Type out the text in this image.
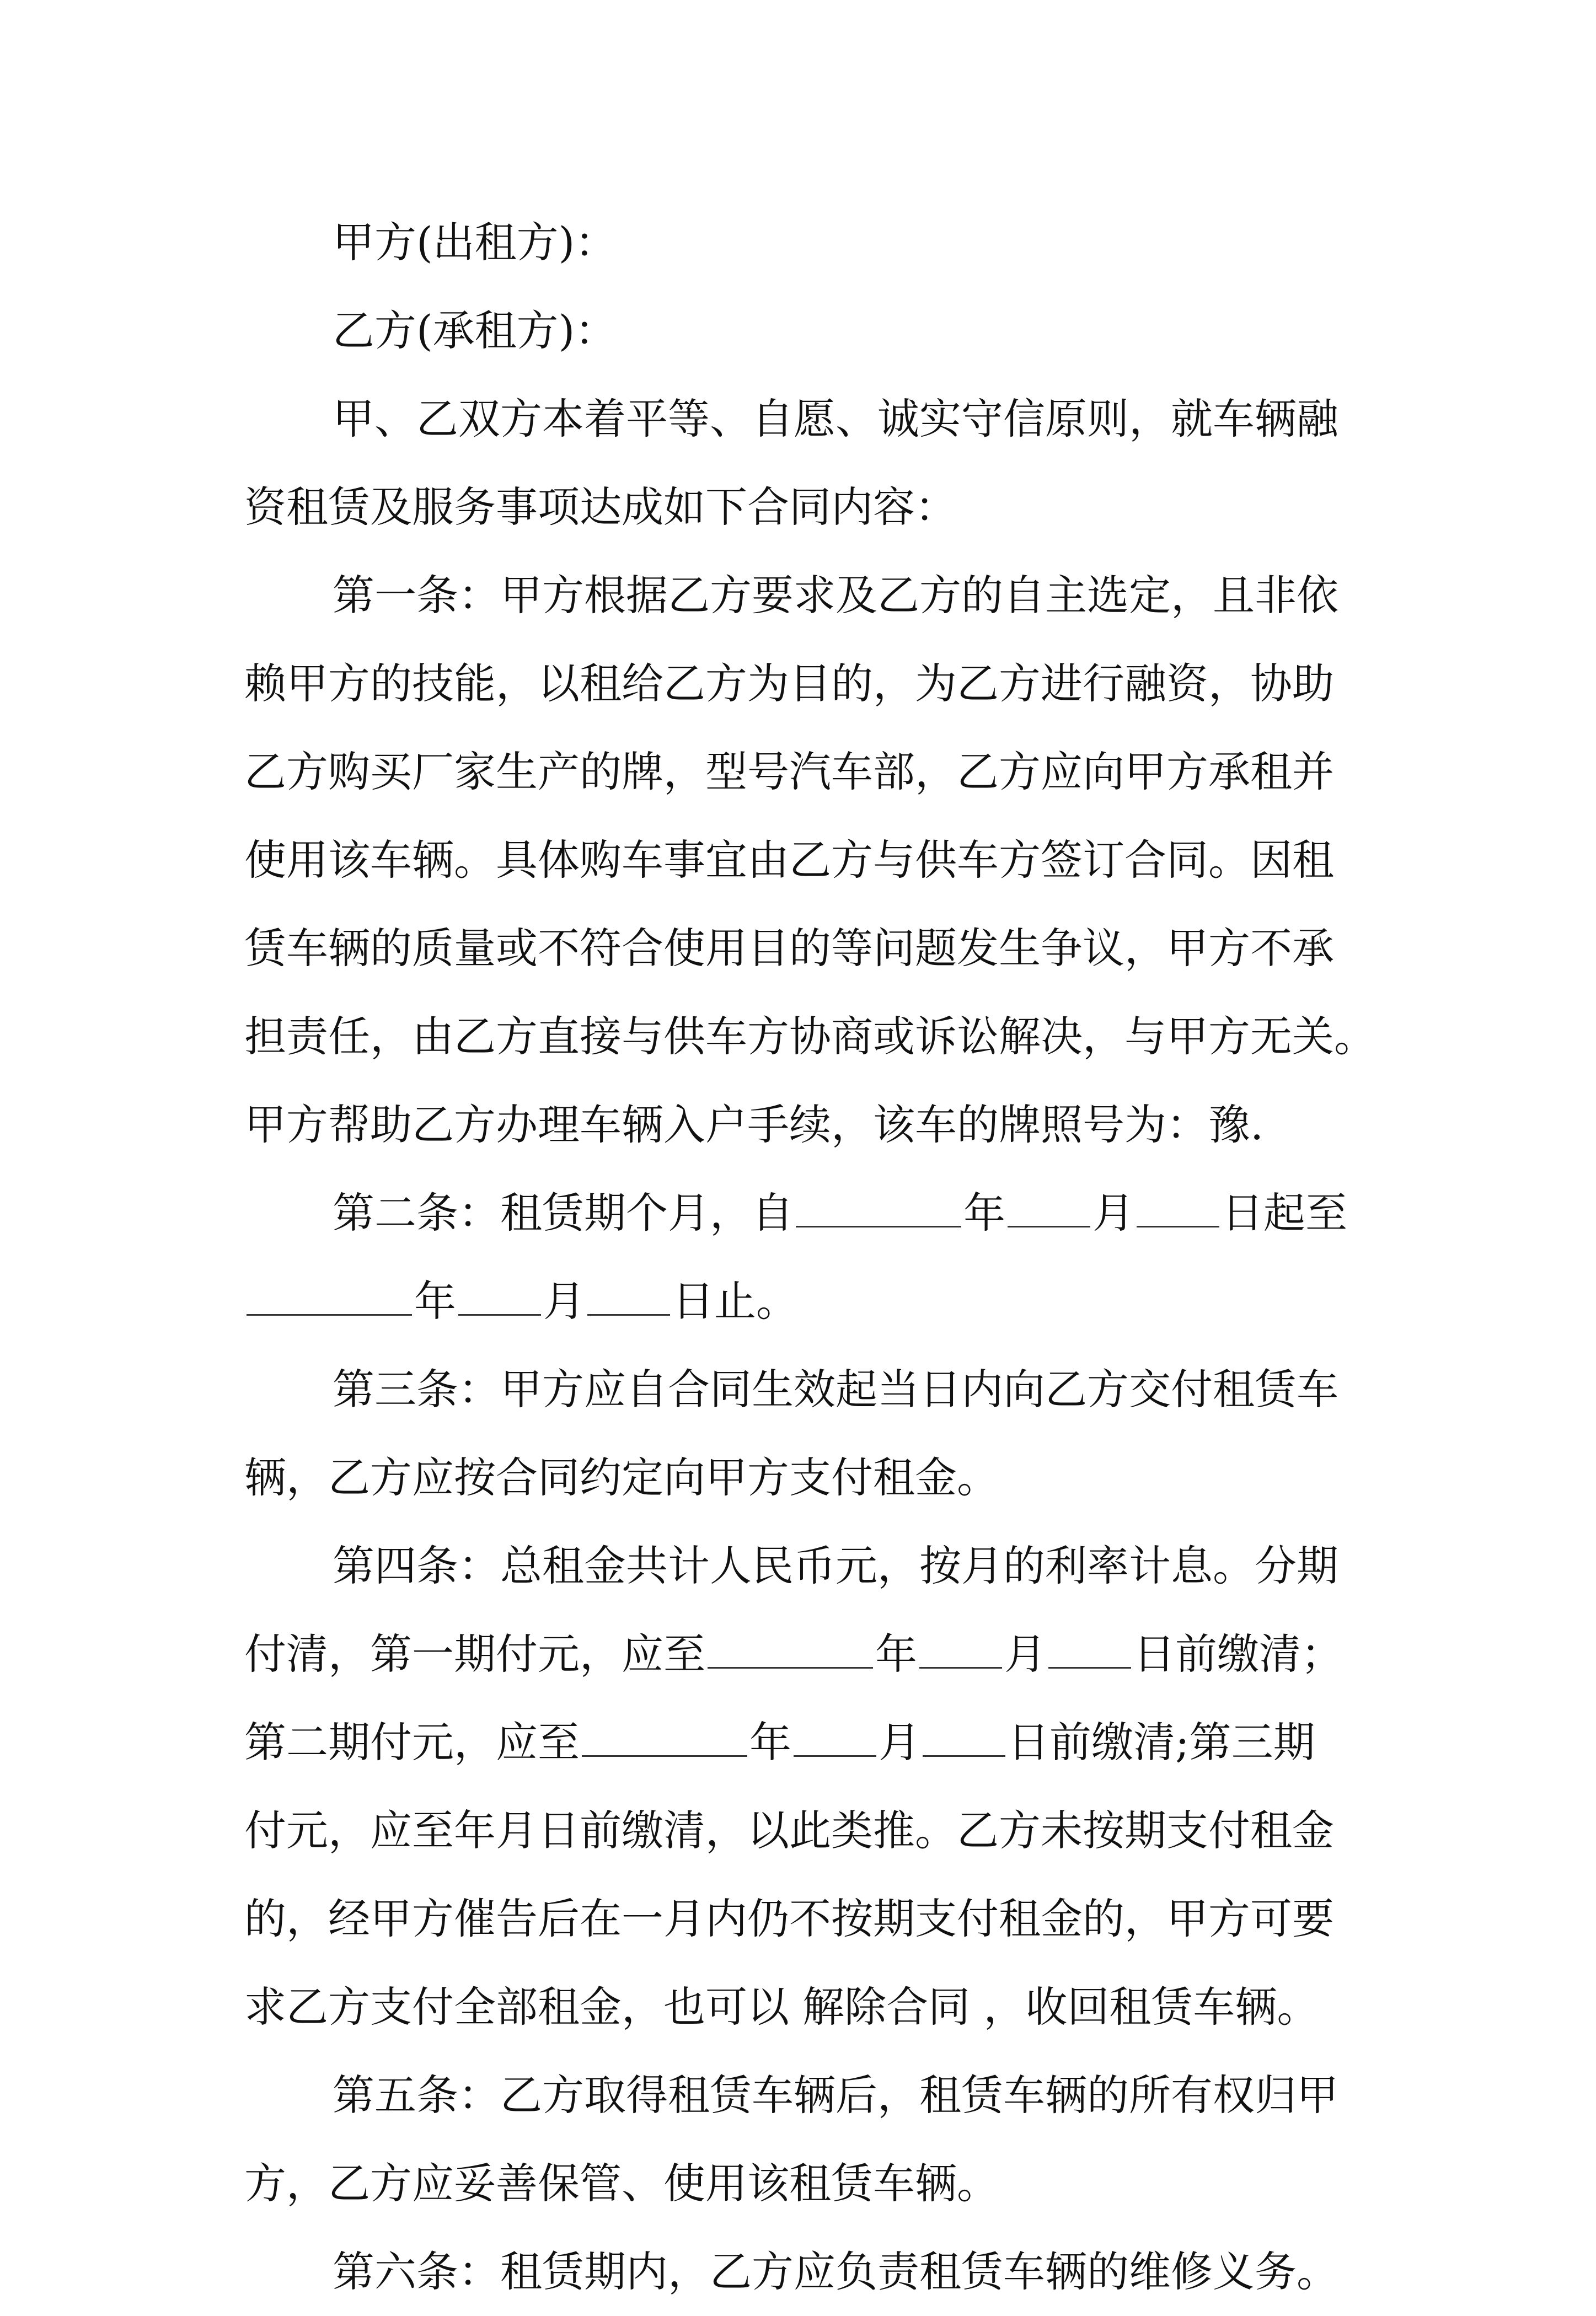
甲方(出租方)：
乙方(承租方)：
甲、乙双方本着平等、自愿、诚实守信原则，就车辆融
资租赁及服务事项达成如下合同内容：
第一条：甲方根据乙方要求及乙方的自主选定，且非依
赖甲方的技能，以租给乙方为目的，为乙方进行融资，协助
乙方购买厂家生产的牌，型号汽车部，乙方应向甲方承租并
使用该车辆。具体购车事宜由乙方与供车方签订合同。因租
赁车辆的质量或不符合使用目的等问题发生争议，甲方不承
担责任，由乙方直接与供车方协商或诉讼解决，与甲方无关。
甲方帮助乙方办理车辆入户手续，该车的牌照号为：豫.
第二条：租赁期个月，自	年 月 日起至
年 月 日止。
第三条：甲方应自合同生效起当日内向乙方交付租赁车
辆，乙方应按合同约定向甲方支付租金。
第四条：总租金共计人民币元，按月的利率计息。分期
付清，第一期付元，应至	年 月 日前缴清；
第二期付元，应至	年 月 日前缴清;第三期
付元，应至年月日前缴清，以此类推。乙方未按期支付租金
的，经甲方催告后在一月内仍不按期支付租金的，甲方可要
求乙方支付全部租金，也可以 解除合同 ，收回租赁车辆。
第五条：乙方取得租赁车辆后，租赁车辆的所有权归甲
方，乙方应妥善保管、使用该租赁车辆。
第六条：租赁期内，乙方应负责租赁车辆的维修义务。
